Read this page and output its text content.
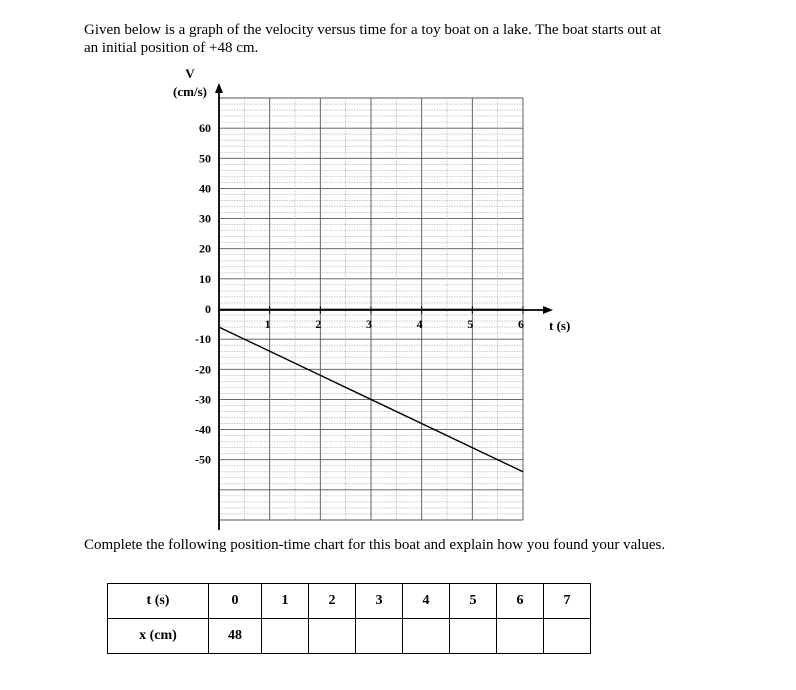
Given below is a graph of the velocity versus time for a toy boat on a lake. The boat starts out at
an initial position of +48 cm.

V
(cm/s)
t (s)
60
50
40
30
20
10
0
-10
-20
-30
-40
-50
1	2	3	4	5	6

Complete the following position-time chart for this boat and explain how you found your values.

t (s)	0	1	2	3	4	5	6	7
x (cm)	48							
